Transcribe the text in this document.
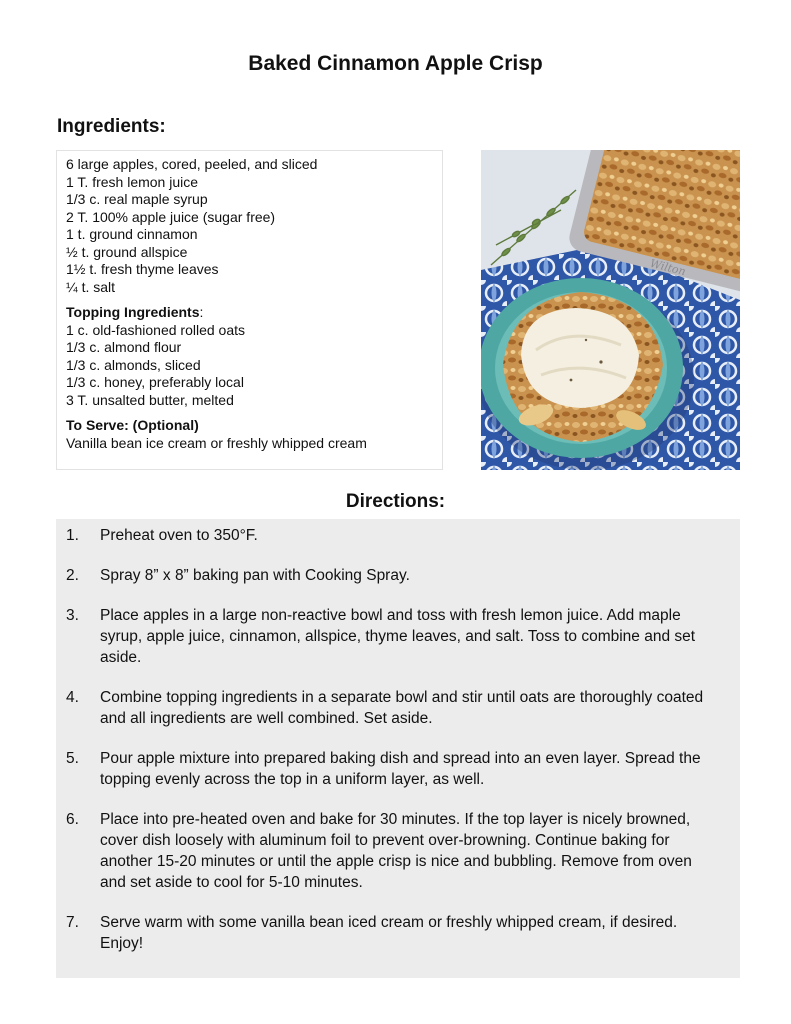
Baked Cinnamon Apple Crisp
Ingredients:
6 large apples, cored, peeled, and sliced
1 T. fresh lemon juice
1/3 c. real maple syrup
2 T. 100% apple juice (sugar free)
1 t. ground cinnamon
½ t. ground allspice
1½ t. fresh thyme leaves
¼ t. salt
Topping Ingredients:
1 c. old-fashioned rolled oats
1/3 c. almond flour
1/3 c. almonds, sliced
1/3 c. honey, preferably local
3 T. unsalted butter, melted
To Serve: (Optional)
Vanilla bean ice cream or freshly whipped cream
Wilton
Directions:
1.	Preheat oven to 350°F.
2.	Spray 8” x 8” baking pan with Cooking Spray.
3.	Place apples in a large non-reactive bowl and toss with fresh lemon juice. Add maple syrup, apple juice, cinnamon, allspice, thyme leaves, and salt. Toss to combine and set aside.
4.	Combine topping ingredients in a separate bowl and stir until oats are thoroughly coated and all ingredients are well combined. Set aside.
5.	Pour apple mixture into prepared baking dish and spread into an even layer. Spread the topping evenly across the top in a uniform layer, as well.
6.	Place into pre-heated oven and bake for 30 minutes. If the top layer is nicely browned, cover dish loosely with aluminum foil to prevent over-browning. Continue baking for another 15-20 minutes or until the apple crisp is nice and bubbling. Remove from oven and set aside to cool for 5-10 minutes.
7.	Serve warm with some vanilla bean iced cream or freshly whipped cream, if desired. Enjoy!
